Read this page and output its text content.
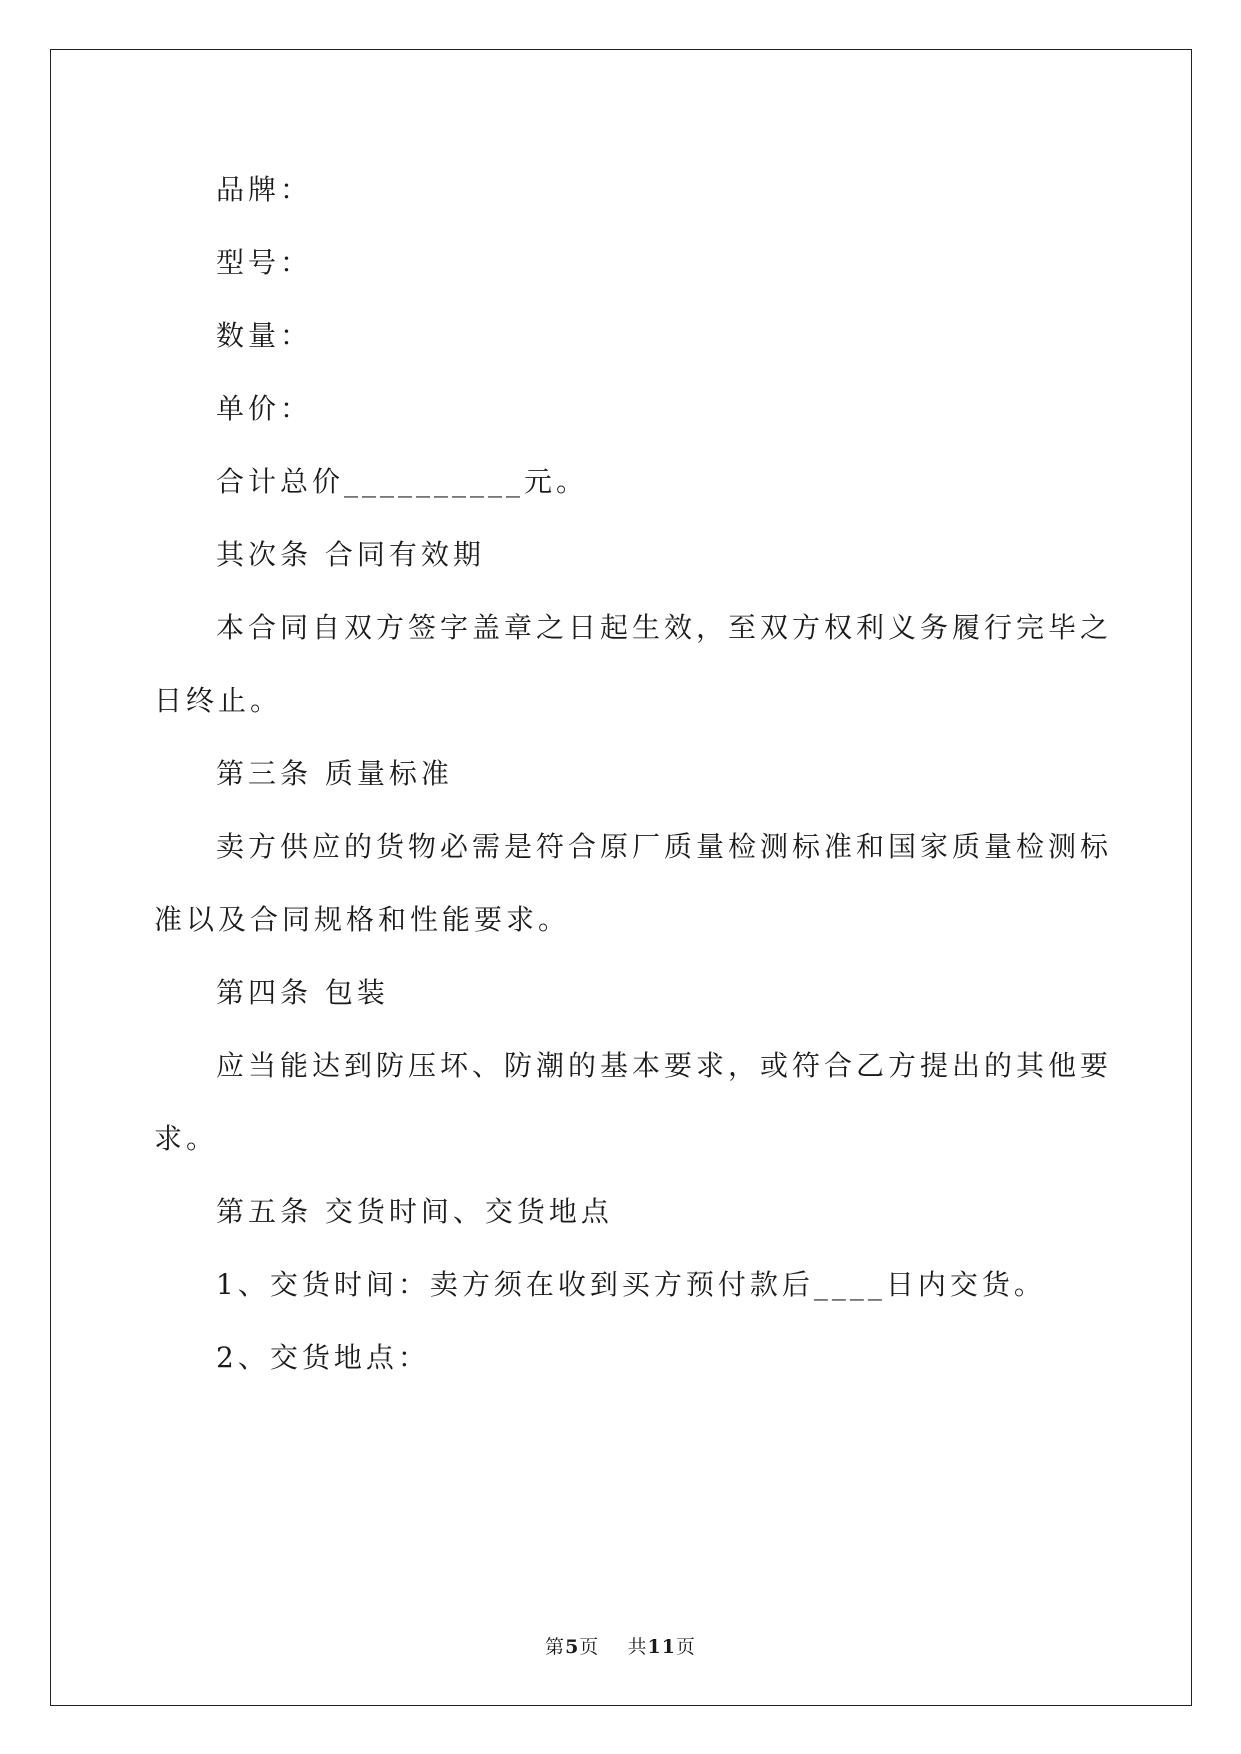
品牌：
型号：
数量：
单价：
合计总价__________元。
其次条 合同有效期
本合同自双方签字盖章之日起生效，至双方权利义务履行完毕之
日终止。
第三条 质量标准
卖方供应的货物必需是符合原厂质量检测标准和国家质量检测标
准以及合同规格和性能要求。
第四条 包装
应当能达到防压坏、防潮的基本要求，或符合乙方提出的其他要
求。
第五条 交货时间、交货地点
1、交货时间：卖方须在收到买方预付款后____日内交货。
2、交货地点：
第5页    共11页
